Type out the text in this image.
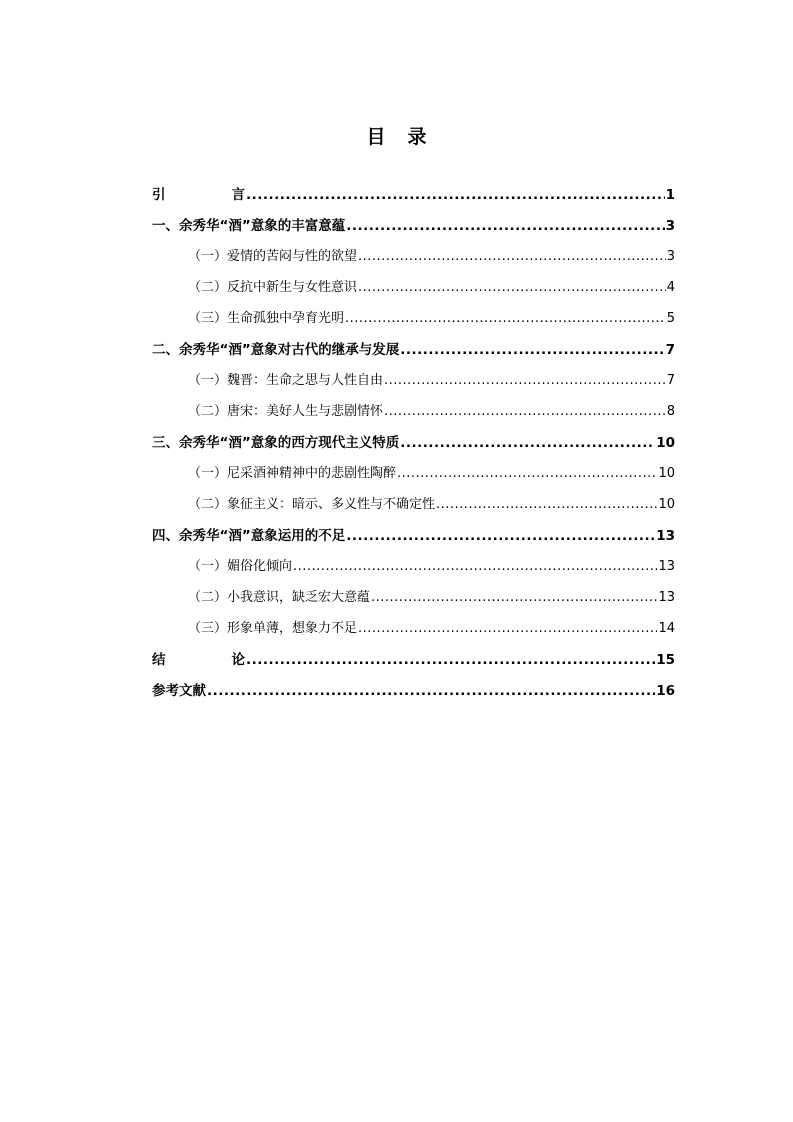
目 录
引	言 .....	1
一、余秀华“酒”意象的丰富意蕴 .....	3
（一）爱情的苦闷与性的欲望 .....	3
（二）反抗中新生与女性意识 .....	4
（三）生命孤独中孕育光明 .....	5
二、余秀华“酒”意象对古代的继承与发展 .....	7
（一）魏晋：生命之思与人性自由 .....	7
（二）唐宋：美好人生与悲剧情怀 .....	8
三、余秀华“酒”意象的西方现代主义特质 .....	10
（一）尼采酒神精神中的悲剧性陶醉 .....	10
（二）象征主义：暗示、多义性与不确定性 .....	10
四、余秀华“酒”意象运用的不足 .....	13
（一）媚俗化倾向 .....	13
（二）小我意识，缺乏宏大意蕴 .....	13
（三）形象单薄，想象力不足 .....	14
结	论 .....	15
参考文献 .....	16
